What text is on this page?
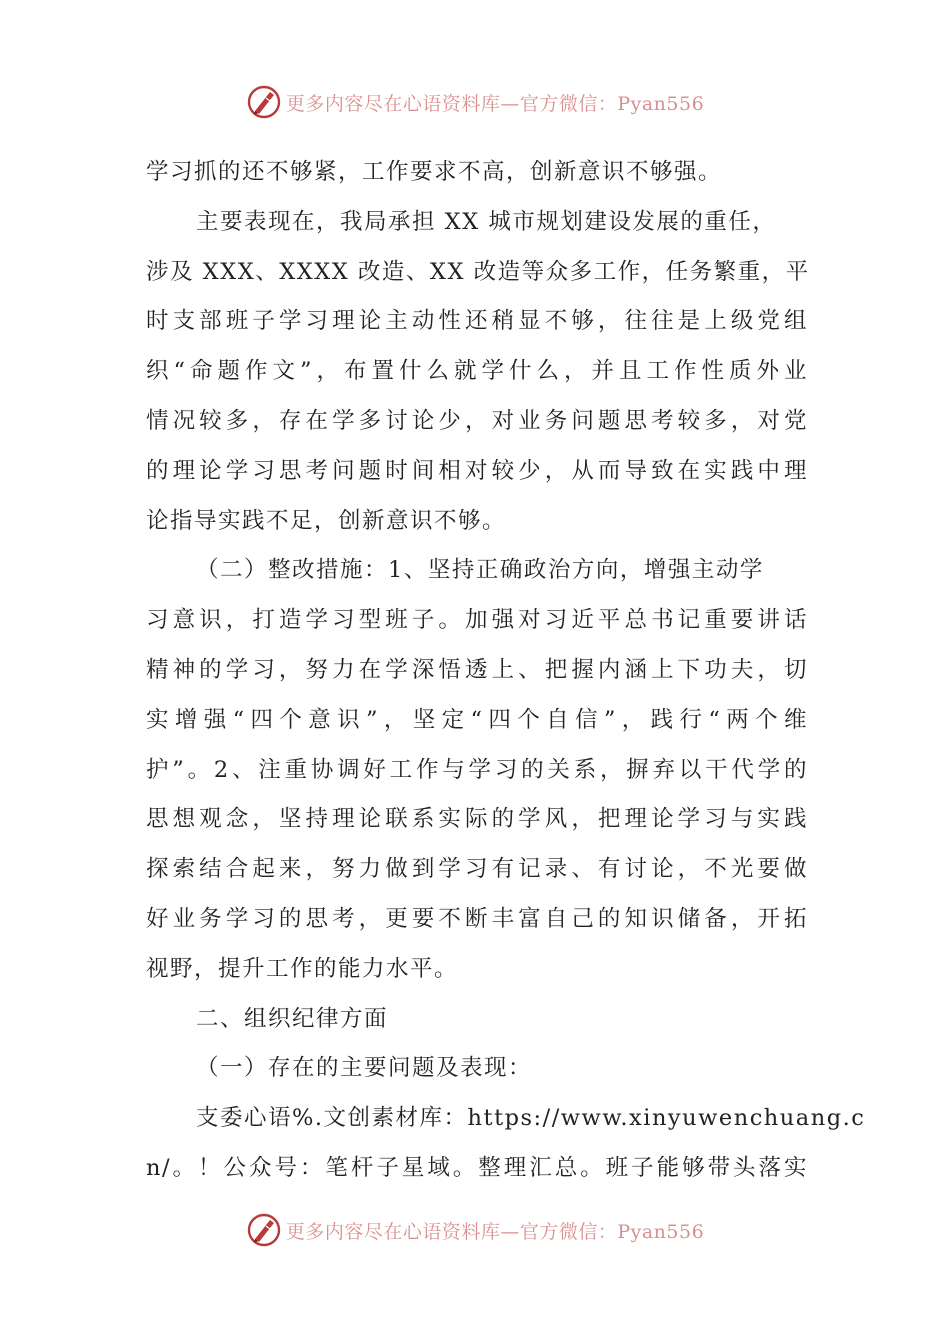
更多内容尽在心语资料库—官方微信：Pyan556
学习抓的还不够紧，工作要求不高，创新意识不够强。
主要表现在，我局承担 XX 城市规划建设发展的重任，
涉及 XXX、XXXX 改造、XX 改造等众多工作，任务繁重，平
时支部班子学习理论主动性还稍显不够，往往是上级党组
织“命题作文”，布置什么就学什么，并且工作性质外业
情况较多，存在学多讨论少，对业务问题思考较多，对党
的理论学习思考问题时间相对较少，从而导致在实践中理
论指导实践不足，创新意识不够。
（二）整改措施：1、坚持正确政治方向，增强主动学
习意识，打造学习型班子。加强对习近平总书记重要讲话
精神的学习，努力在学深悟透上、把握内涵上下功夫，切
实增强“四个意识”，坚定“四个自信”，践行“两个维
护”。2、注重协调好工作与学习的关系，摒弃以干代学的
思想观念，坚持理论联系实际的学风，把理论学习与实践
探索结合起来，努力做到学习有记录、有讨论，不光要做
好业务学习的思考，更要不断丰富自己的知识储备，开拓
视野，提升工作的能力水平。
二、组织纪律方面
（一）存在的主要问题及表现：
支委心语%.文创素材库：https://www.xinyuwenchuang.c
n/。！公众号：笔杆子星域。整理汇总。班子能够带头落实
更多内容尽在心语资料库—官方微信：Pyan556
